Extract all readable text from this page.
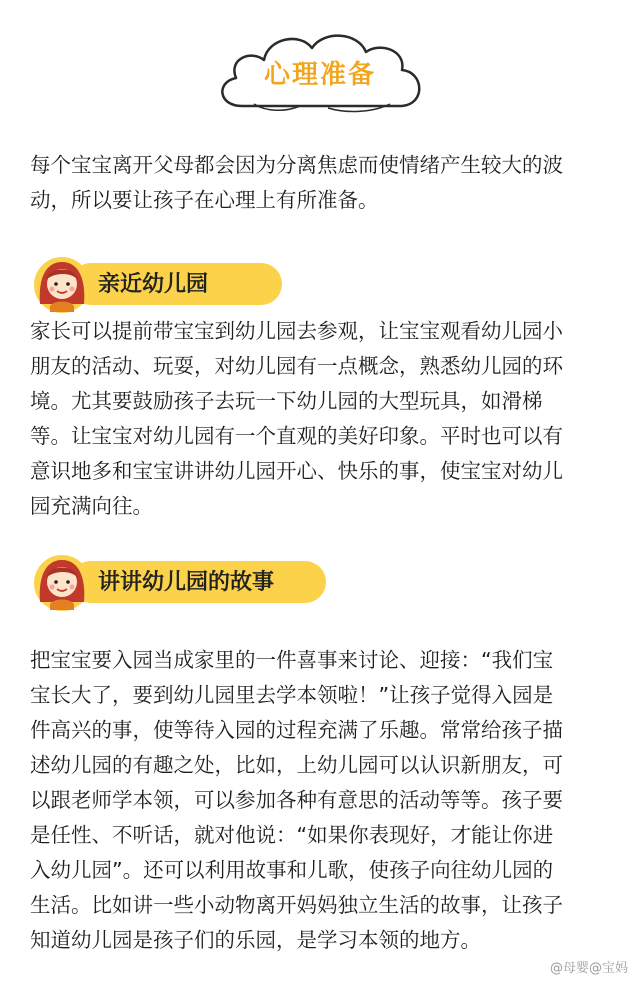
心理准备

每个宝宝离开父母都会因为分离焦虑而使情绪产生较大的波
动，所以要让孩子在心理上有所准备。

亲近幼儿园

家长可以提前带宝宝到幼儿园去参观，让宝宝观看幼儿园小
朋友的活动、玩耍，对幼儿园有一点概念，熟悉幼儿园的环
境。尤其要鼓励孩子去玩一下幼儿园的大型玩具，如滑梯
等。让宝宝对幼儿园有一个直观的美好印象。平时也可以有
意识地多和宝宝讲讲幼儿园开心、快乐的事，使宝宝对幼儿
园充满向往。

讲讲幼儿园的故事

把宝宝要入园当成家里的一件喜事来讨论、迎接：“我们宝
宝长大了，要到幼儿园里去学本领啦！”让孩子觉得入园是
件高兴的事，使等待入园的过程充满了乐趣。常常给孩子描
述幼儿园的有趣之处，比如，上幼儿园可以认识新朋友，可
以跟老师学本领，可以参加各种有意思的活动等等。孩子要
是任性、不听话，就对他说：“如果你表现好，才能让你进
入幼儿园”。还可以利用故事和儿歌，使孩子向往幼儿园的
生活。比如讲一些小动物离开妈妈独立生活的故事，让孩子
知道幼儿园是孩子们的乐园，是学习本领的地方。

@母婴@宝妈
